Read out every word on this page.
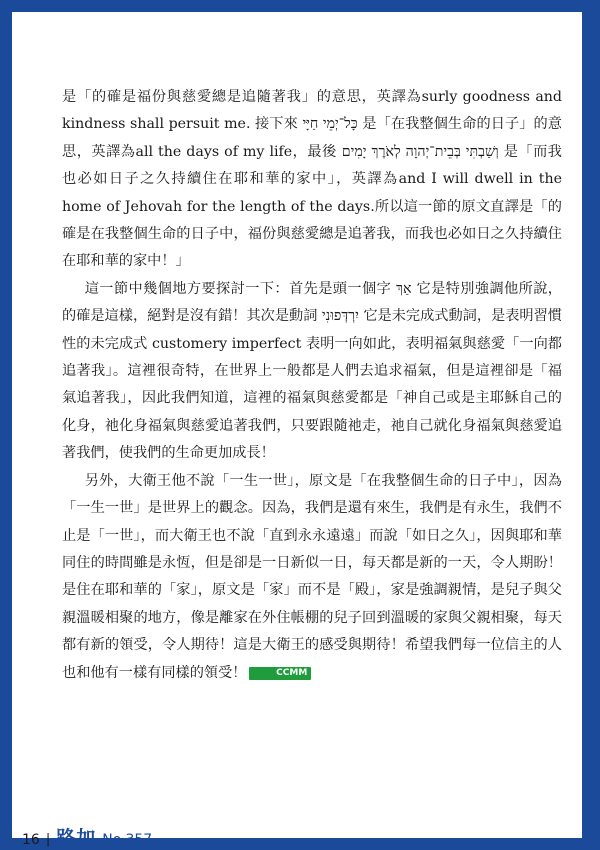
是「的確是福份與慈愛總是追隨著我」的意思，英譯為surly goodness and kindness shall persuit me. 接下來 כָּל־יְמֵי חַיָּי 是「在我整個生命的日子」的意思，英譯為all the days of my life，最後 וְשַׁבְתִּי בְּבֵית־יְהוָה לְאֹרֶךְ יָמִים 是「而我也必如日子之久持續住在耶和華的家中」，英譯為and I will dwell in the home of Jehovah for the length of the days.所以這一節的原文直譯是「的確是在我整個生命的日子中，福份與慈愛總是追著我，而我也必如日之久持續住在耶和華的家中！」

這一節中幾個地方要探討一下：首先是頭一個字 אַךְ 它是特別強調他所說，的確是這樣，絕對是沒有錯！其次是動詞 יִרְדְּפוּנִי 它是未完成式動詞，是表明習慣性的未完成式 customery imperfect 表明一向如此，表明福氣與慈愛「一向都追著我」。這裡很奇特，在世界上一般都是人們去追求福氣，但是這裡卻是「福氣追著我」，因此我們知道，這裡的福氣與慈愛都是「神自己或是主耶穌自己的化身，祂化身福氣與慈愛追著我們，只要跟隨祂走，祂自己就化身福氣與慈愛追著我們，使我們的生命更加成長！

另外，大衛王他不說「一生一世」，原文是「在我整個生命的日子中」，因為「一生一世」是世界上的觀念。因為，我們是還有來生，我們是有永生，我們不止是「一世」，而大衛王也不說「直到永永遠遠」而說「如日之久」，因與耶和華同住的時間雖是永恆，但是卻是一日新似一日，每天都是新的一天，令人期盼！是住在耶和華的「家」，原文是「家」而不是「殿」，家是強調親情，是兒子與父親溫暖相聚的地方，像是離家在外住帳棚的兒子回到溫暖的家與父親相聚，每天都有新的領受，令人期待！這是大衛王的感受與期待！希望我們每一位信主的人也和他有一樣有同樣的領受！	CCMM

16 | 路加 No.357
